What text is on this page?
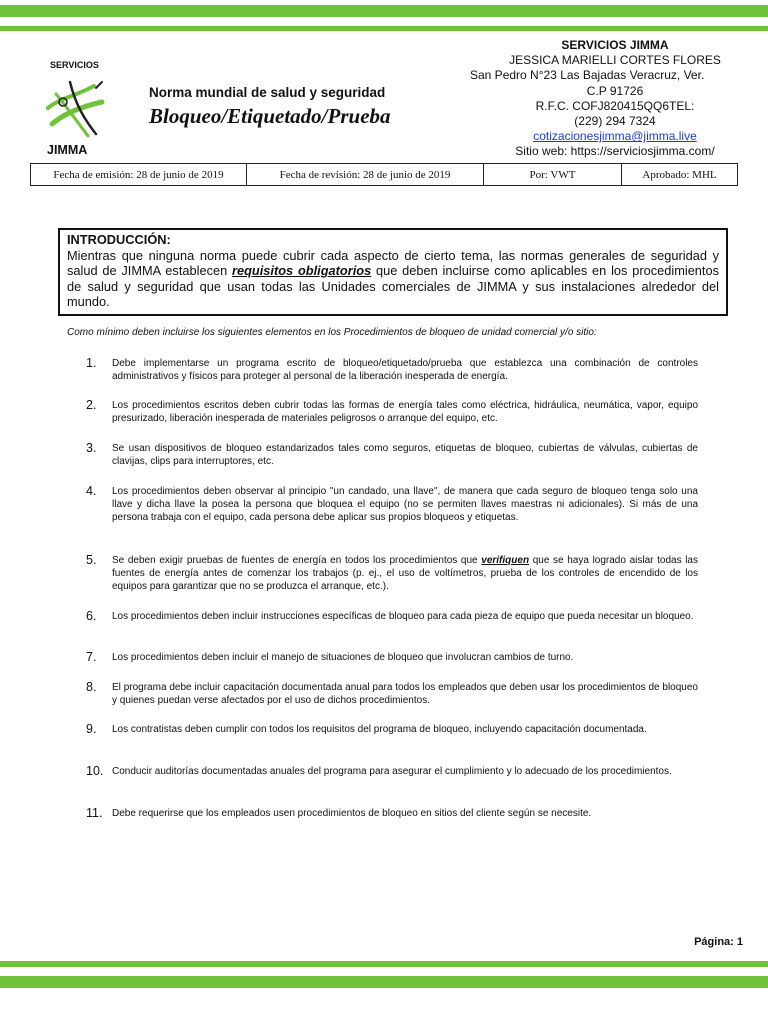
SERVICIOS
JIMMA
Norma mundial de salud y seguridad
Bloqueo/Etiquetado/Prueba
SERVICIOS JIMMA
JESSICA MARIELLI CORTES FLORES
San Pedro N°23 Las Bajadas Veracruz, Ver.
C.P 91726
R.F.C. COFJ820415QQ6TEL:
(229) 294 7324
cotizacionesjimma@jimma.live
Sitio web: https://serviciosjimma.com/
Fecha de emisión: 28 de junio de 2019	Fecha de revisión: 28 de junio de 2019	Por: VWT	Aprobado: MHL
INTRODUCCIÓN:
Mientras que ninguna norma puede cubrir cada aspecto de cierto tema, las normas generales de seguridad y salud de JIMMA establecen requisitos obligatorios que deben incluirse como aplicables en los procedimientos de salud y seguridad que usan todas las Unidades comerciales de JIMMA y sus instalaciones alrededor del mundo.
Como mínimo deben incluirse los siguientes elementos en los Procedimientos de bloqueo de unidad comercial y/o sitio:
1. Debe implementarse un programa escrito de bloqueo/etiquetado/prueba que establezca una combinación de controles administrativos y físicos para proteger al personal de la liberación inesperada de energía.
2. Los procedimientos escritos deben cubrir todas las formas de energía tales como eléctrica, hidráulica, neumática, vapor, equipo presurizado, liberación inesperada de materiales peligrosos o arranque del equipo, etc.
3. Se usan dispositivos de bloqueo estandarizados tales como seguros, etiquetas de bloqueo, cubiertas de válvulas, cubiertas de clavijas, clips para interruptores, etc.
4. Los procedimientos deben observar al principio "un candado, una llave", de manera que cada seguro de bloqueo tenga solo una llave y dicha llave la posea la persona que bloquea el equipo (no se permiten llaves maestras ni adicionales). Si más de una persona trabaja con el equipo, cada persona debe aplicar sus propios bloqueos y etiquetas.
5. Se deben exigir pruebas de fuentes de energía en todos los procedimientos que verifiquen que se haya logrado aislar todas las fuentes de energía antes de comenzar los trabajos (p. ej., el uso de voltímetros, prueba de los controles de encendido de los equipos para garantizar que no se produzca el arranque, etc.).
6. Los procedimientos deben incluir instrucciones específicas de bloqueo para cada pieza de equipo que pueda necesitar un bloqueo.
7. Los procedimientos deben incluir el manejo de situaciones de bloqueo que involucran cambios de turno.
8. El programa debe incluir capacitación documentada anual para todos los empleados que deben usar los procedimientos de bloqueo y quienes puedan verse afectados por el uso de dichos procedimientos.
9. Los contratistas deben cumplir con todos los requisitos del programa de bloqueo, incluyendo capacitación documentada.
10. Conducir auditorías documentadas anuales del programa para asegurar el cumplimiento y lo adecuado de los procedimientos.
11. Debe requerirse que los empleados usen procedimientos de bloqueo en sitios del cliente según se necesite.
Página: 1
